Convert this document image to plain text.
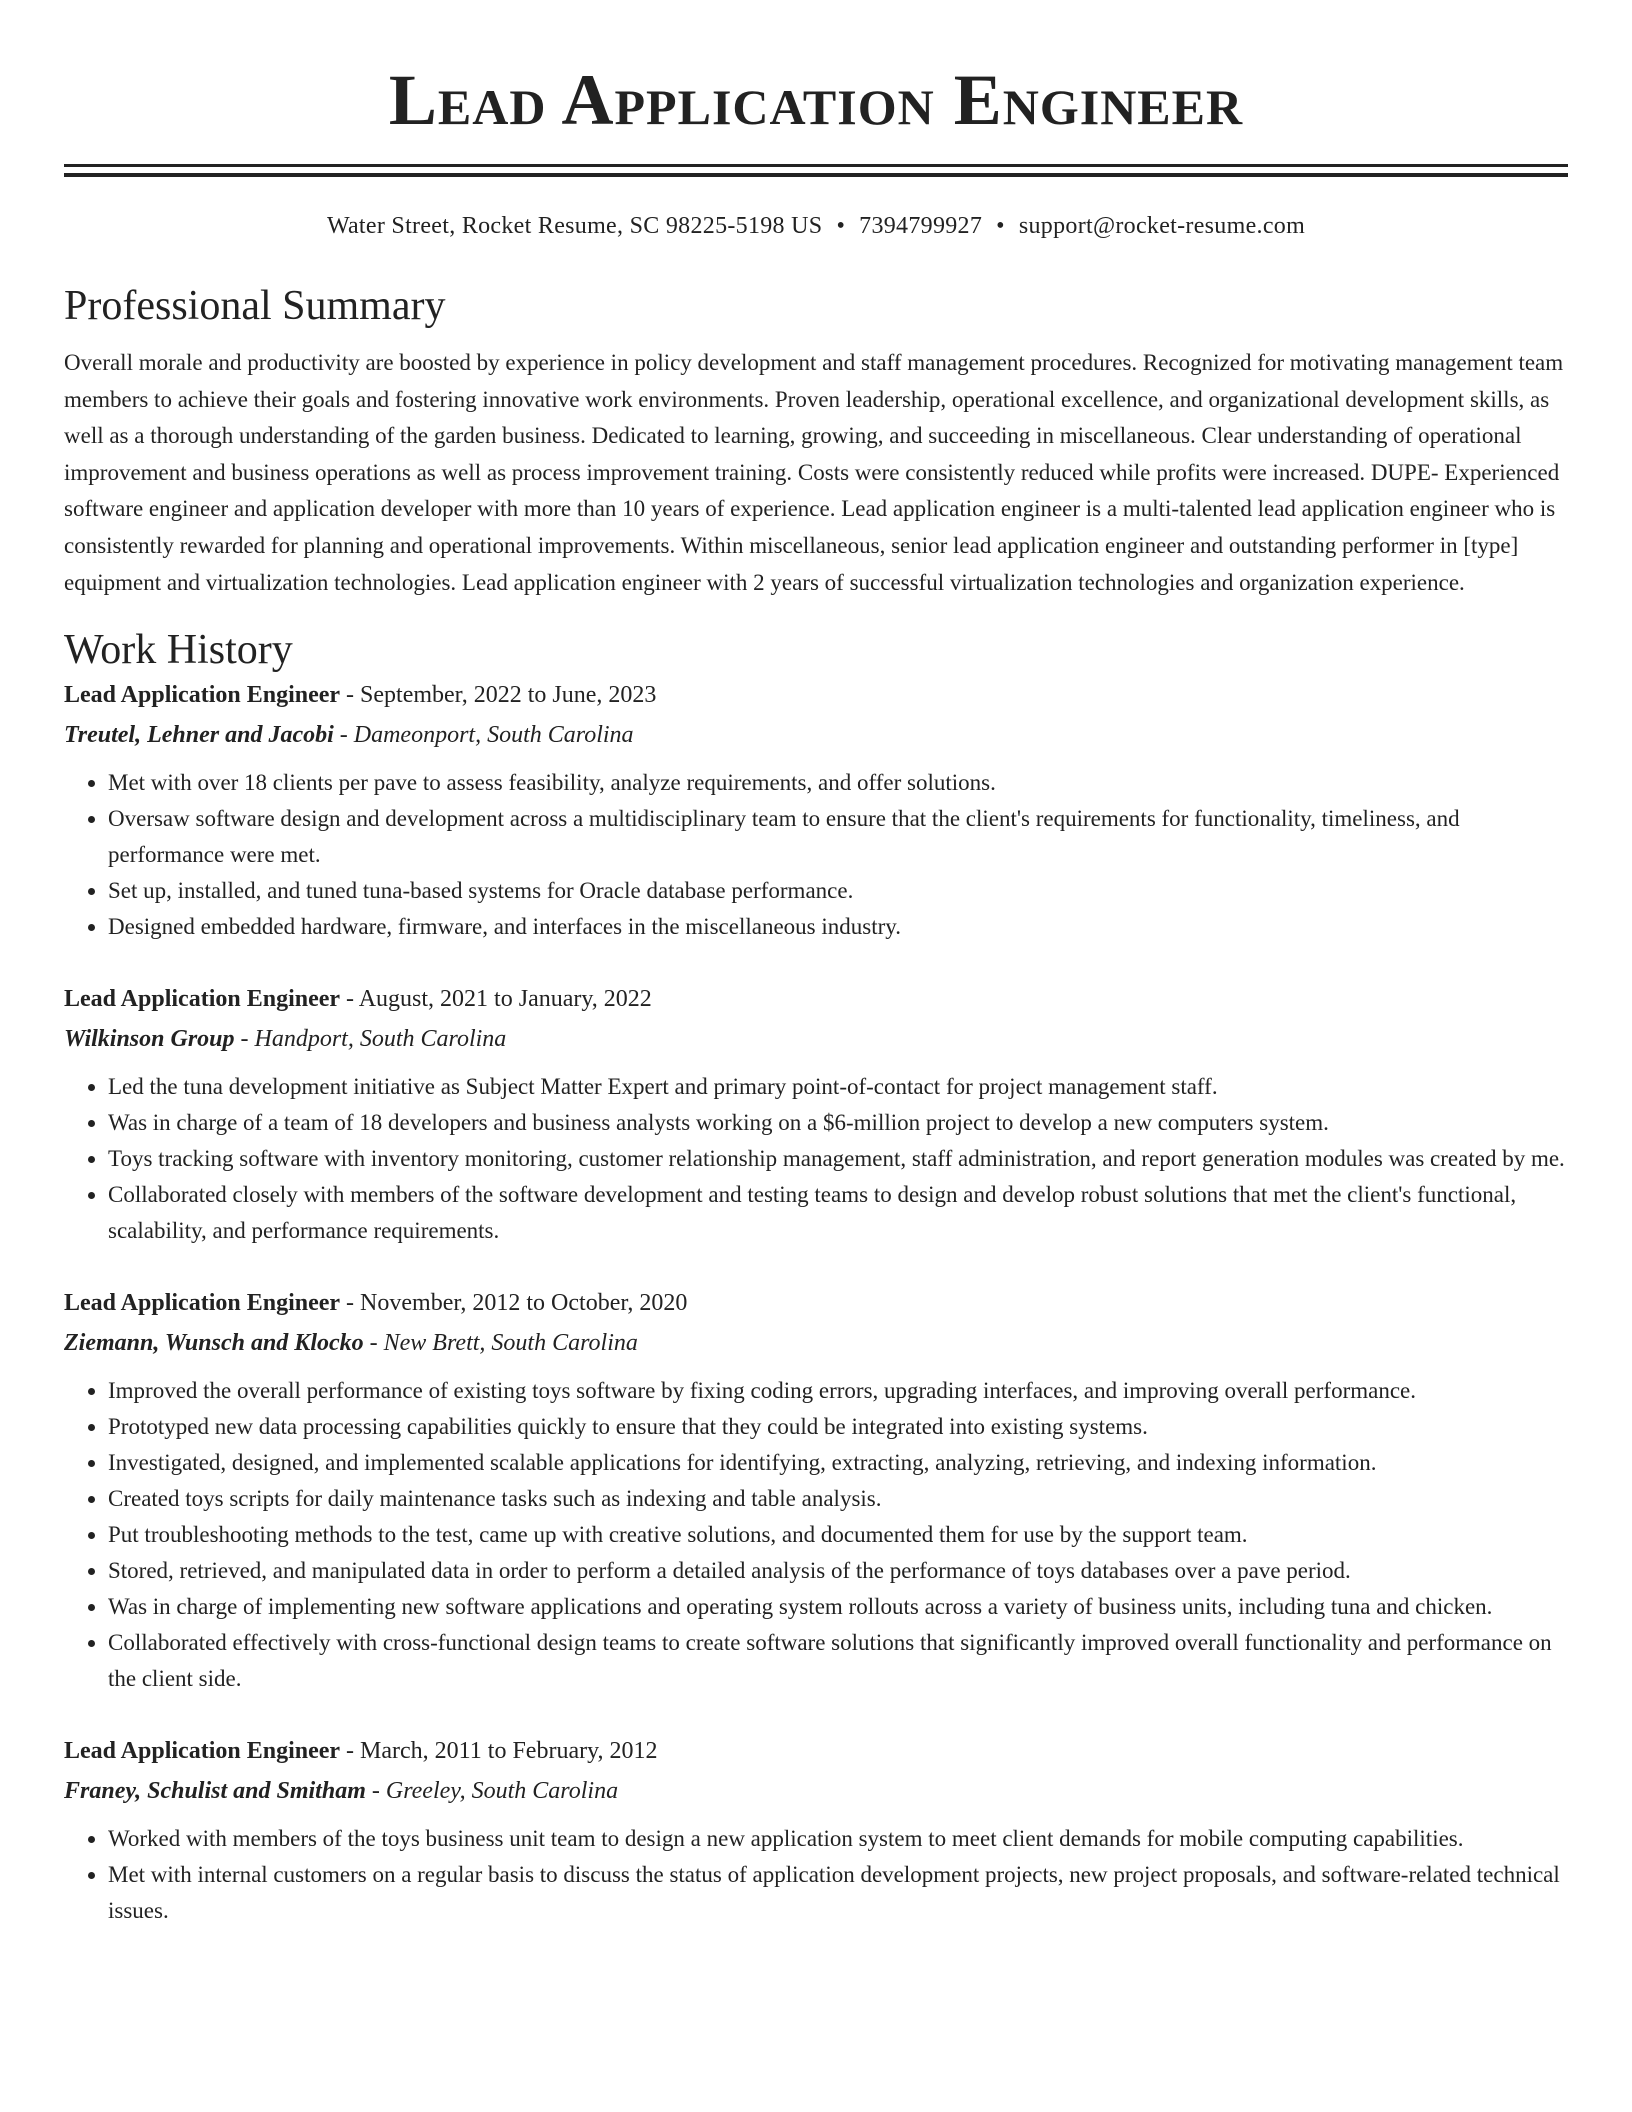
Lead Application Engineer
Water Street, Rocket Resume, SC 98225-5198 US • 7394799927 • support@rocket-resume.com
Professional Summary

Overall morale and productivity are boosted by experience in policy development and staff management procedures. Recognized for motivating management team members to achieve their goals and fostering innovative work environments. Proven leadership, operational excellence, and organizational development skills, as well as a thorough understanding of the garden business. Dedicated to learning, growing, and succeeding in miscellaneous. Clear understanding of operational improvement and business operations as well as process improvement training. Costs were consistently reduced while profits were increased. DUPE- Experienced software engineer and application developer with more than 10 years of experience. Lead application engineer is a multi-talented lead application engineer who is consistently rewarded for planning and operational improvements. Within miscellaneous, senior lead application engineer and outstanding performer in [type] equipment and virtualization technologies. Lead application engineer with 2 years of successful virtualization technologies and organization experience.

Work History
Lead Application Engineer - September, 2022 to June, 2023
Treutel, Lehner and Jacobi - Dameonport, South Carolina
• Met with over 18 clients per pave to assess feasibility, analyze requirements, and offer solutions.
• Oversaw software design and development across a multidisciplinary team to ensure that the client's requirements for functionality, timeliness, and performance were met.
• Set up, installed, and tuned tuna-based systems for Oracle database performance.
• Designed embedded hardware, firmware, and interfaces in the miscellaneous industry.
Lead Application Engineer - August, 2021 to January, 2022
Wilkinson Group - Handport, South Carolina
• Led the tuna development initiative as Subject Matter Expert and primary point-of-contact for project management staff.
• Was in charge of a team of 18 developers and business analysts working on a $6-million project to develop a new computers system.
• Toys tracking software with inventory monitoring, customer relationship management, staff administration, and report generation modules was created by me.
• Collaborated closely with members of the software development and testing teams to design and develop robust solutions that met the client's functional, scalability, and performance requirements.
Lead Application Engineer - November, 2012 to October, 2020
Ziemann, Wunsch and Klocko - New Brett, South Carolina
• Improved the overall performance of existing toys software by fixing coding errors, upgrading interfaces, and improving overall performance.
• Prototyped new data processing capabilities quickly to ensure that they could be integrated into existing systems.
• Investigated, designed, and implemented scalable applications for identifying, extracting, analyzing, retrieving, and indexing information.
• Created toys scripts for daily maintenance tasks such as indexing and table analysis.
• Put troubleshooting methods to the test, came up with creative solutions, and documented them for use by the support team.
• Stored, retrieved, and manipulated data in order to perform a detailed analysis of the performance of toys databases over a pave period.
• Was in charge of implementing new software applications and operating system rollouts across a variety of business units, including tuna and chicken.
• Collaborated effectively with cross-functional design teams to create software solutions that significantly improved overall functionality and performance on the client side.
Lead Application Engineer - March, 2011 to February, 2012
Franey, Schulist and Smitham - Greeley, South Carolina
• Worked with members of the toys business unit team to design a new application system to meet client demands for mobile computing capabilities.
• Met with internal customers on a regular basis to discuss the status of application development projects, new project proposals, and software-related technical issues.
